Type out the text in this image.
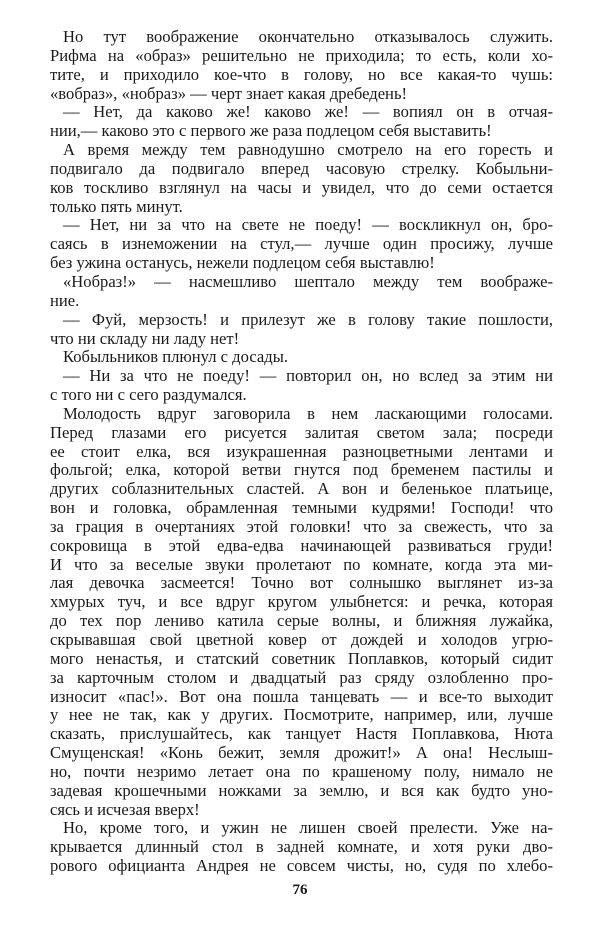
Но тут воображение окончательно отказывалось служить.
Рифма на «образ» решительно не приходила; то есть, коли хо-
тите, и приходило кое-что в голову, но все какая-то чушь:
«вобраз», «нобраз» — черт знает какая дребедень!
— Нет, да каково же! каково же! — вопиял он в отчая-
нии,— каково это с первого же раза подлецом себя выставить!
А время между тем равнодушно смотрело на его горесть и
подвигало да подвигало вперед часовую стрелку. Кобыльни-
ков тоскливо взглянул на часы и увидел, что до семи остается
только пять минут.
— Нет, ни за что на свете не поеду! — воскликнул он, бро-
саясь в изнеможении на стул,— лучше один просижу, лучше
без ужина останусь, нежели подлецом себя выставлю!
«Нобраз!» — насмешливо шептало между тем воображе-
ние.
— Фуй, мерзость! и прилезут же в голову такие пошлости,
что ни складу ни ладу нет!
Кобыльников плюнул с досады.
— Ни за что не поеду! — повторил он, но вслед за этим ни
с того ни с сего раздумался.
Молодость вдруг заговорила в нем ласкающими голосами.
Перед глазами его рисуется залитая светом зала; посреди
ее стоит елка, вся изукрашенная разноцветными лентами и
фольгой; елка, которой ветви гнутся под бременем пастилы и
других соблазнительных сластей. А вон и беленькое платьице,
вон и головка, обрамленная темными кудрями! Господи! что
за грация в очертаниях этой головки! что за свежесть, что за
сокровища в этой едва-едва начинающей развиваться груди!
И что за веселые звуки пролетают по комнате, когда эта ми-
лая девочка засмеется! Точно вот солнышко выглянет из-за
хмурых туч, и все вдруг кругом улыбнется: и речка, которая
до тех пор лениво катила серые волны, и ближняя лужайка,
скрывавшая свой цветной ковер от дождей и холодов угрю-
мого ненастья, и статский советник Поплавков, который сидит
за карточным столом и двадцатый раз сряду озлобленно про-
износит «пас!». Вот она пошла танцевать — и все-то выходит
у нее не так, как у других. Посмотрите, например, или, лучше
сказать, прислушайтесь, как танцует Настя Поплавкова, Нюта
Смущенская! «Конь бежит, земля дрожит!» А она! Неслыш-
но, почти незримо летает она по крашеному полу, нимало не
задевая крошечными ножками за землю, и вся как будто уно-
сясь и исчезая вверх!
Но, кроме того, и ужин не лишен своей прелести. Уже на-
крывается длинный стол в задней комнате, и хотя руки дво-
рового официанта Андрея не совсем чисты, но, судя по хлебо-
76
